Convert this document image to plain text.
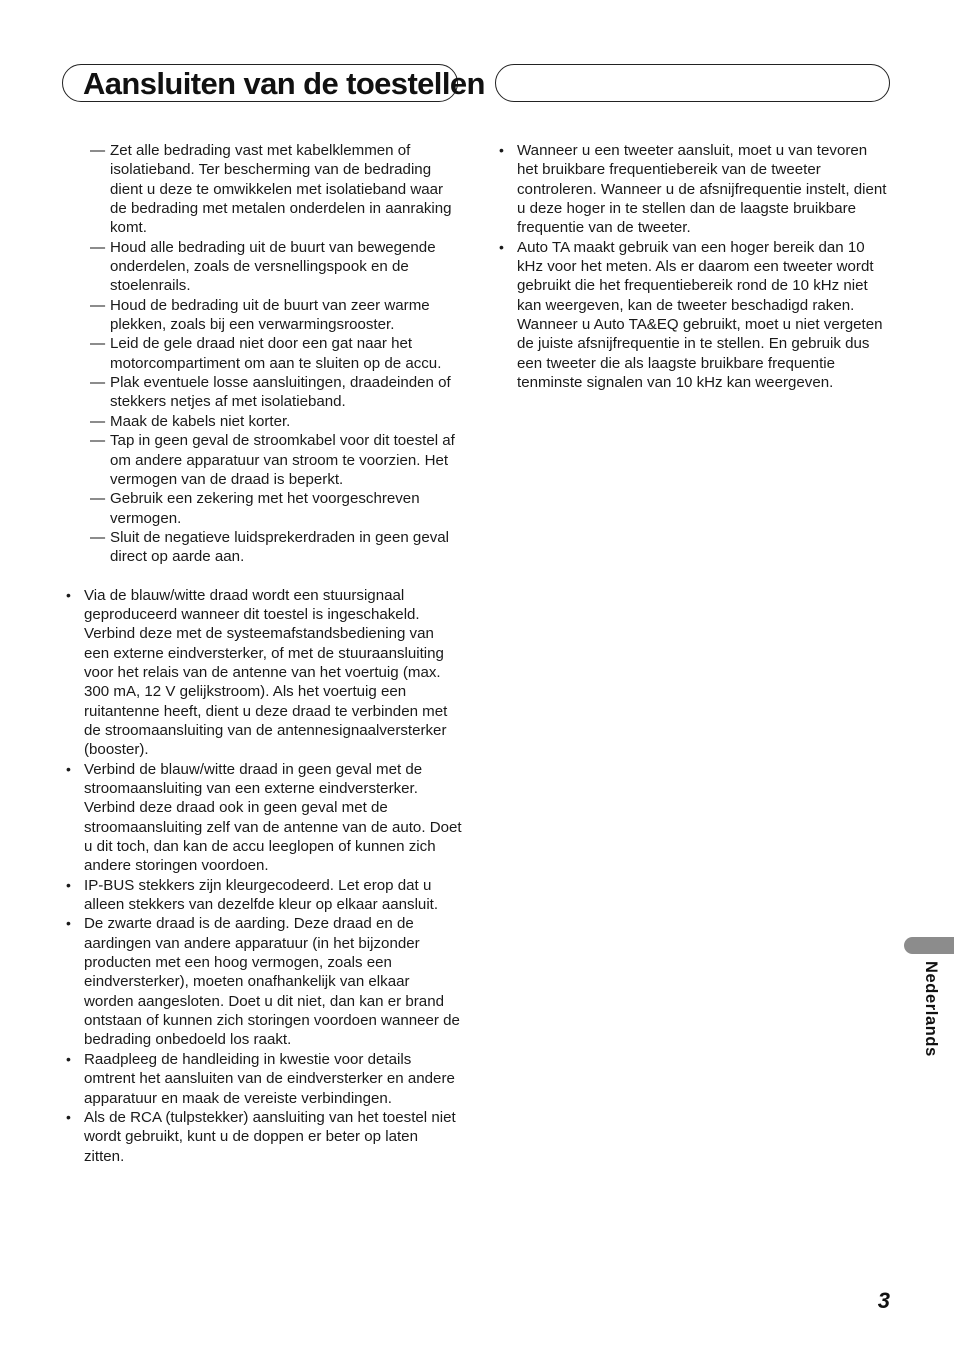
Aansluiten van de toestellen
— Zet alle bedrading vast met kabelklemmen of isolatieband. Ter bescherming van de bedrading dient u deze te omwikkelen met isolatieband waar de bedrading met metalen onderdelen in aanraking komt.
— Houd alle bedrading uit de buurt van bewegende onderdelen, zoals de versnellingspook en de stoelenrails.
— Houd de bedrading uit de buurt van zeer warme plekken, zoals bij een verwarmingsrooster.
— Leid de gele draad niet door een gat naar het motorcompartiment om aan te sluiten op de accu.
— Plak eventuele losse aansluitingen, draadeinden of stekkers netjes af met isolatieband.
— Maak de kabels niet korter.
— Tap in geen geval de stroomkabel voor dit toestel af om andere apparatuur van stroom te voorzien. Het vermogen van de draad is beperkt.
— Gebruik een zekering met het voorgeschreven vermogen.
— Sluit de negatieve luidsprekerdraden in geen geval direct op aarde aan.
• Via de blauw/witte draad wordt een stuursignaal geproduceerd wanneer dit toestel is ingeschakeld. Verbind deze met de systeemafstandsbediening van een externe eindversterker, of met de stuuraansluiting voor het relais van de antenne van het voertuig (max. 300 mA, 12 V gelijkstroom). Als het voertuig een ruitantenne heeft, dient u deze draad te verbinden met de stroomaansluiting van de antennesignaalversterker (booster).
• Verbind de blauw/witte draad in geen geval met de stroomaansluiting van een externe eindversterker. Verbind deze draad ook in geen geval met de stroomaansluiting zelf van de antenne van de auto. Doet u dit toch, dan kan de accu leeglopen of kunnen zich andere storingen voordoen.
• IP-BUS stekkers zijn kleurgecodeerd. Let erop dat u alleen stekkers van dezelfde kleur op elkaar aansluit.
• De zwarte draad is de aarding. Deze draad en de aardingen van andere apparatuur (in het bijzonder producten met een hoog vermogen, zoals een eindversterker), moeten onafhankelijk van elkaar worden aangesloten. Doet u dit niet, dan kan er brand ontstaan of kunnen zich storingen voordoen wanneer de bedrading onbedoeld los raakt.
• Raadpleeg de handleiding in kwestie voor details omtrent het aansluiten van de eindversterker en andere apparatuur en maak de vereiste verbindingen.
• Als de RCA (tulpstekker) aansluiting van het toestel niet wordt gebruikt, kunt u de doppen er beter op laten zitten.
• Wanneer u een tweeter aansluit, moet u van tevoren het bruikbare frequentiebereik van de tweeter controleren. Wanneer u de afsnijfrequentie instelt, dient u deze hoger in te stellen dan de laagste bruikbare frequentie van de tweeter.
• Auto TA maakt gebruik van een hoger bereik dan 10 kHz voor het meten. Als er daarom een tweeter wordt gebruikt die het frequentiebereik rond de 10 kHz niet kan weergeven, kan de tweeter beschadigd raken. Wanneer u Auto TA&EQ gebruikt, moet u niet vergeten de juiste afsnijfrequentie in te stellen. En gebruik dus een tweeter die als laagste bruikbare frequentie tenminste signalen van 10 kHz kan weergeven.
Nederlands
3
